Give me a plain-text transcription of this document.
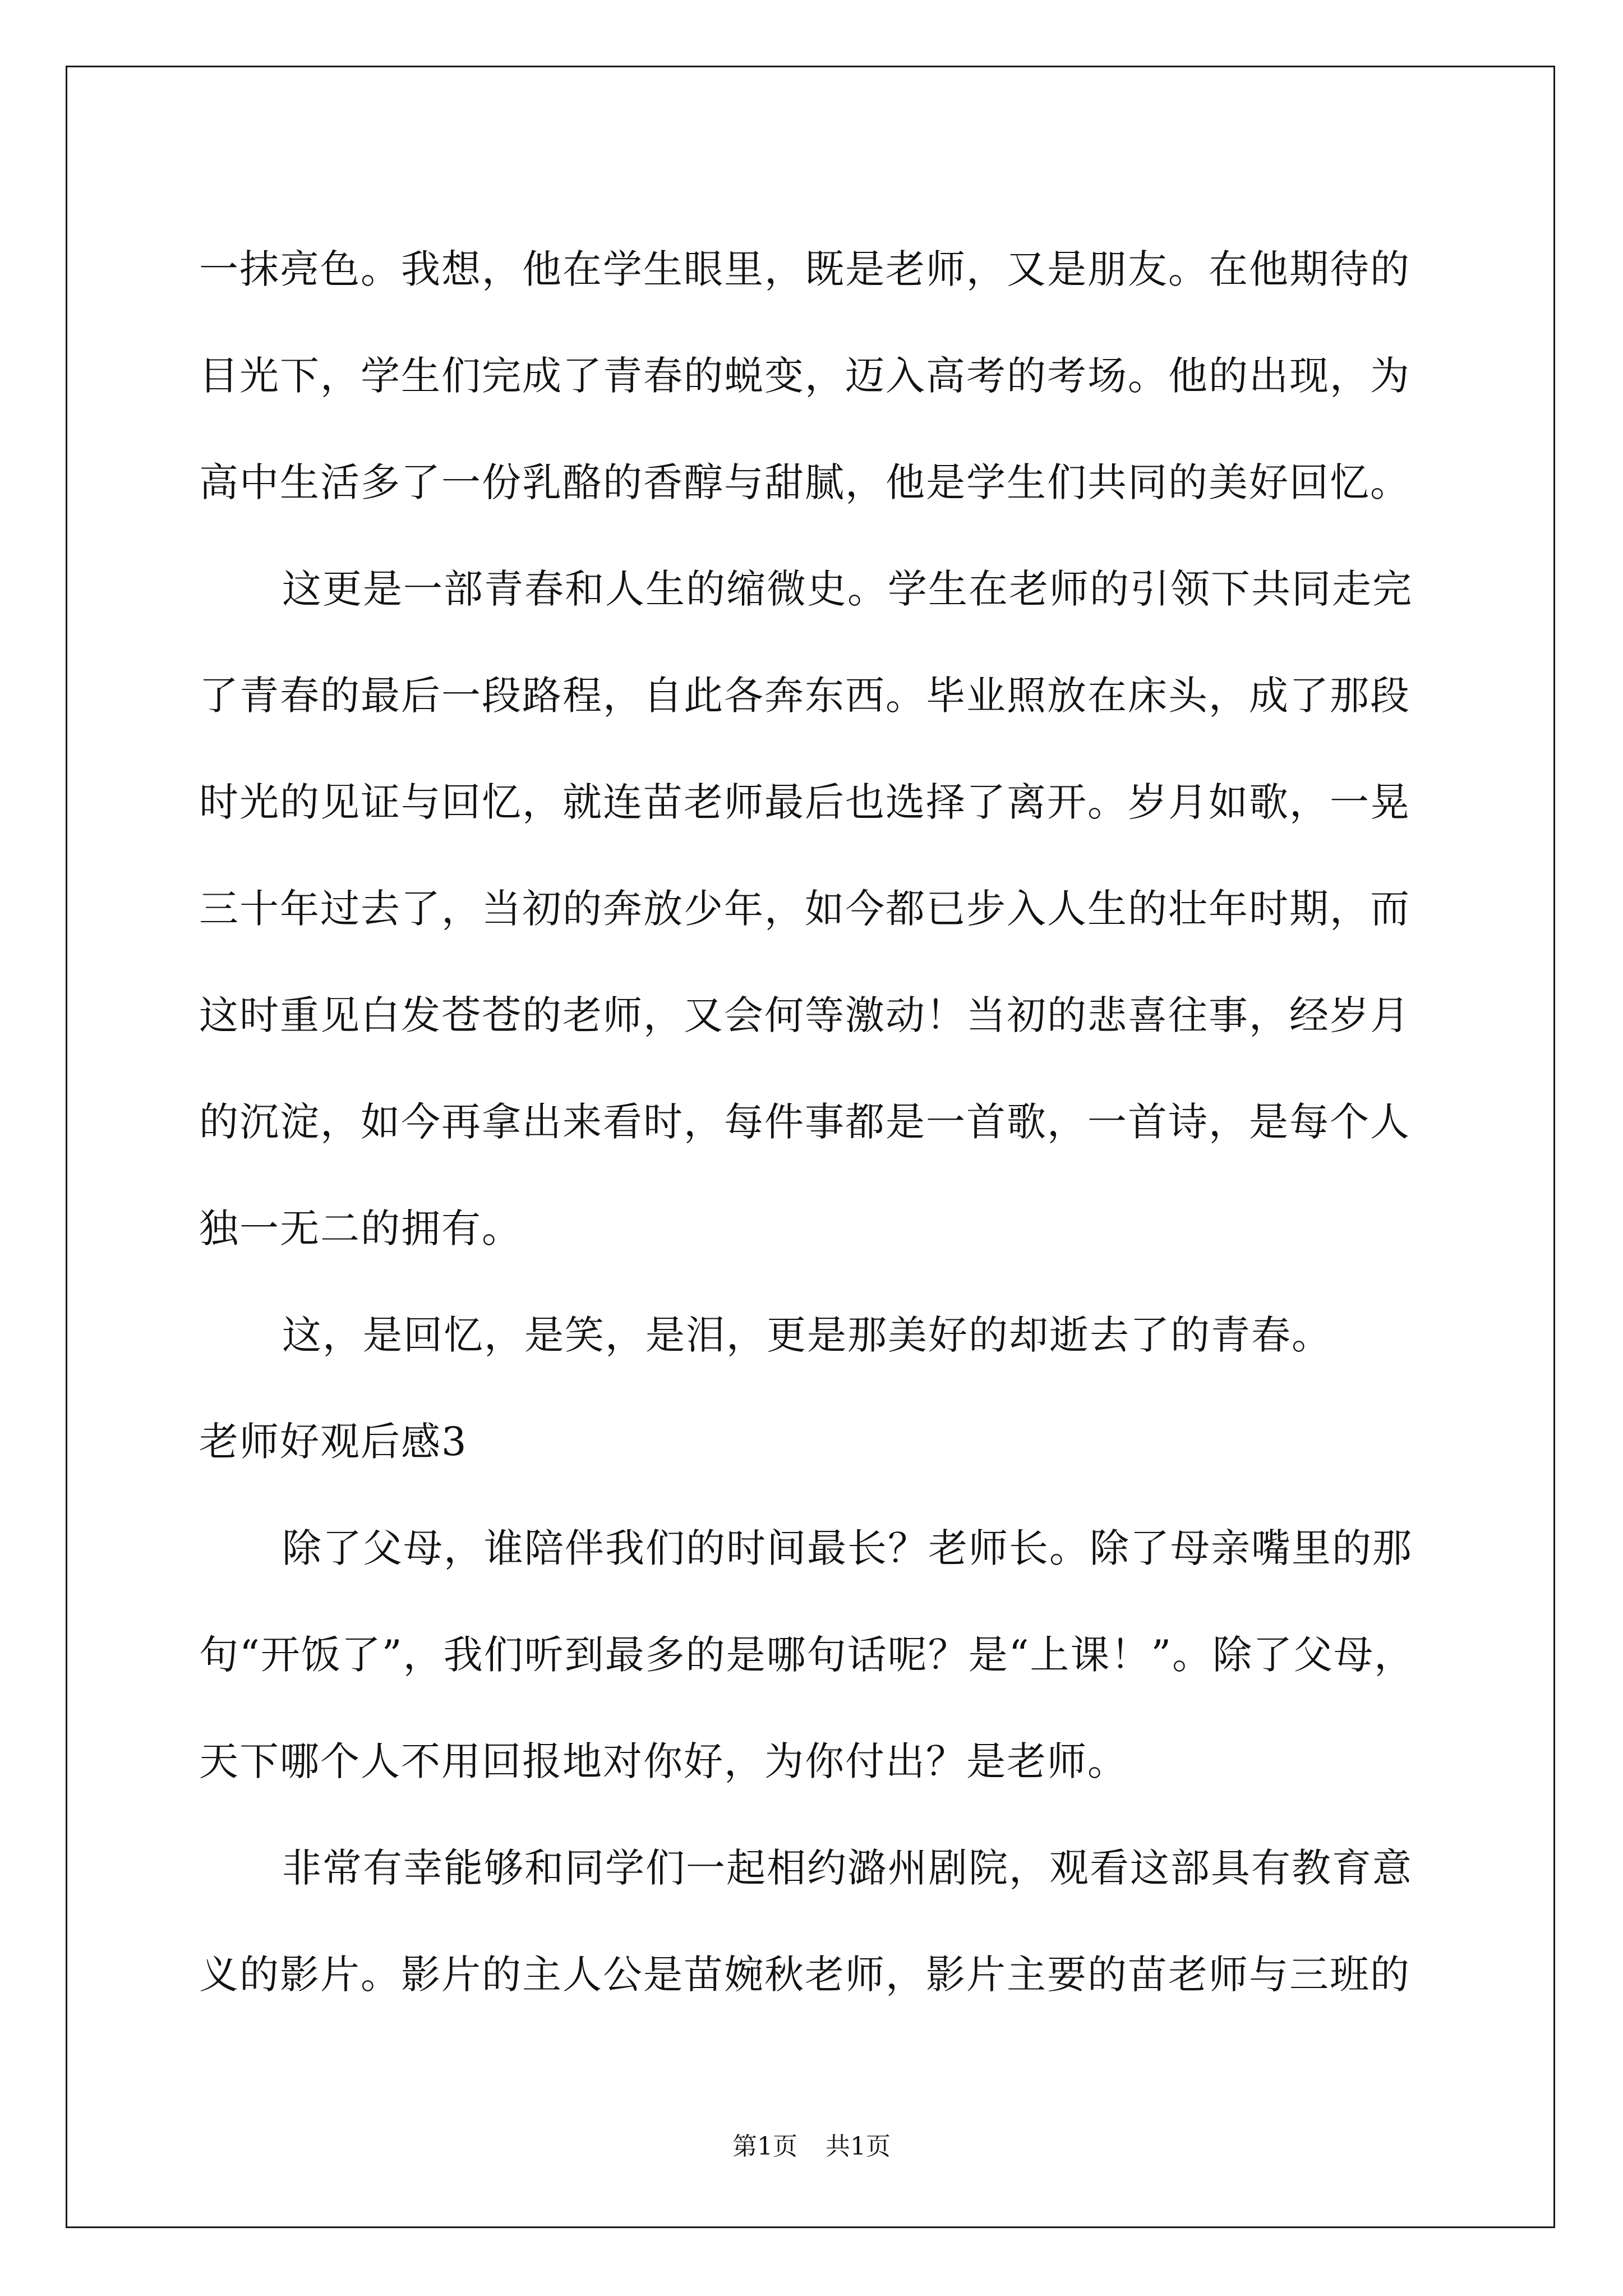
一抹亮色。我想，他在学生眼里，既是老师，又是朋友。在他期待的
目光下，学生们完成了青春的蜕变，迈入高考的考场。他的出现，为
高中生活多了一份乳酪的香醇与甜腻，他是学生们共同的美好回忆。
这更是一部青春和人生的缩微史。学生在老师的引领下共同走完
了青春的最后一段路程，自此各奔东西。毕业照放在床头，成了那段
时光的见证与回忆，就连苗老师最后也选择了离开。岁月如歌，一晃
三十年过去了，当初的奔放少年，如今都已步入人生的壮年时期，而
这时重见白发苍苍的老师，又会何等激动！当初的悲喜往事，经岁月
的沉淀，如今再拿出来看时，每件事都是一首歌，一首诗，是每个人
独一无二的拥有。
这，是回忆，是笑，是泪，更是那美好的却逝去了的青春。
老师好观后感3
除了父母，谁陪伴我们的时间最长？老师长。除了母亲嘴里的那
句“开饭了”，我们听到最多的是哪句话呢？是“上课！”。除了父母，
天下哪个人不用回报地对你好，为你付出？是老师。
非常有幸能够和同学们一起相约潞州剧院，观看这部具有教育意
义的影片。影片的主人公是苗婉秋老师，影片主要的苗老师与三班的
第1页 共1页
